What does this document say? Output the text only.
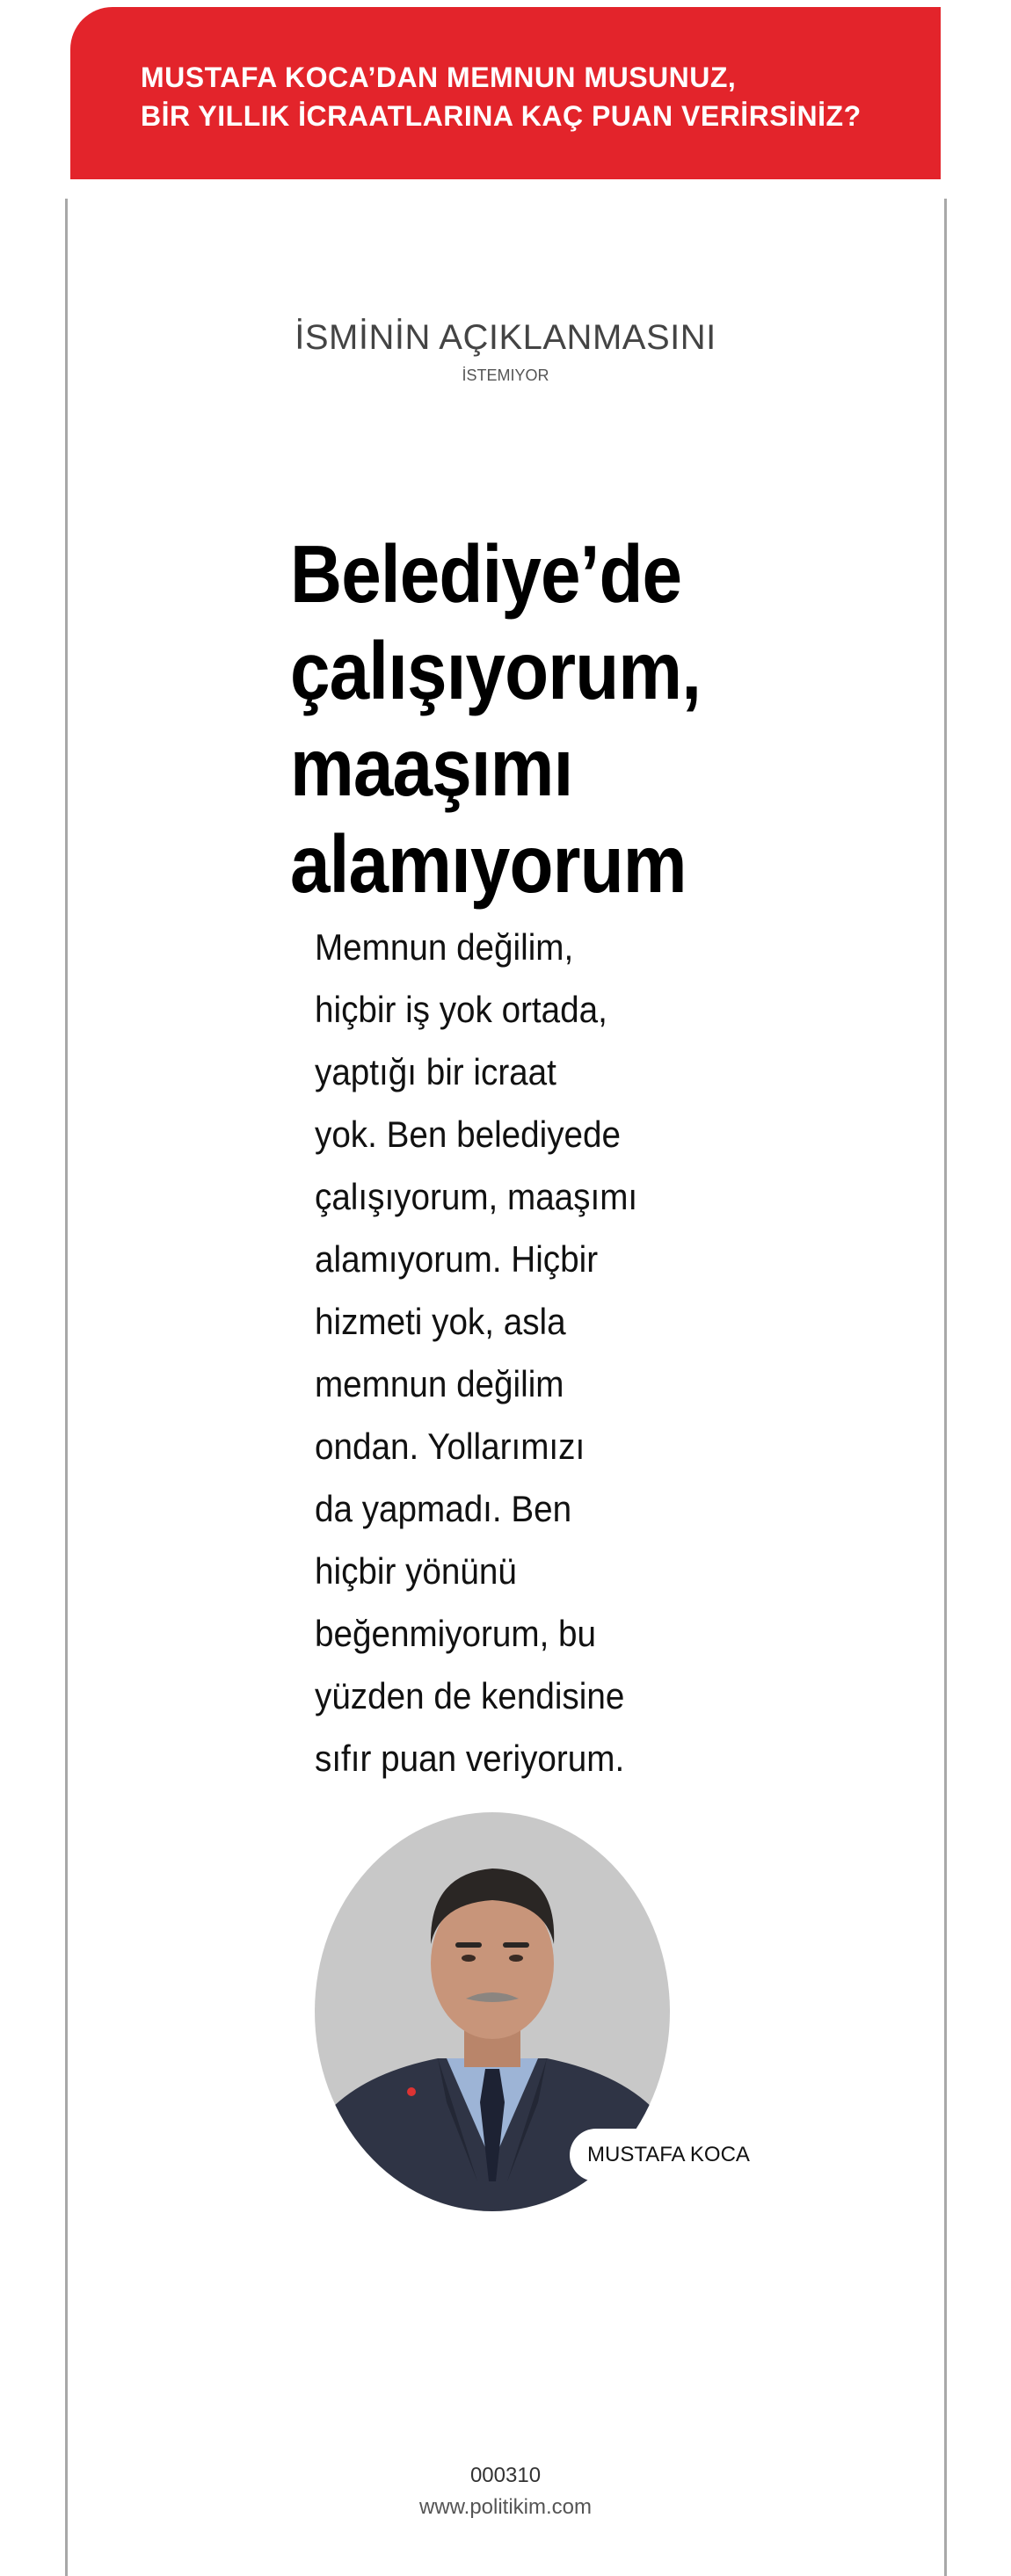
MUSTAFA KOCA’DAN MEMNUN MUSUNUZ,
BİR YILLIK İCRAATLARINA KAÇ PUAN VERİRSİNİZ?
İSMİNİN AÇIKLANMASINI
İSTEMIYOR
Belediye’de
çalışıyorum,
maaşımı
alamıyorum

Memnun değilim,
hiçbir iş yok ortada,
yaptığı bir icraat
yok. Ben belediyede
çalışıyorum, maaşımı
alamıyorum. Hiçbir
hizmeti yok, asla
memnun değilim
ondan. Yollarımızı
da yapmadı. Ben
hiçbir yönünü
beğenmiyorum, bu
yüzden de kendisine
sıfır puan veriyorum.

MUSTAFA KOCA
000310
www.politikim.com
